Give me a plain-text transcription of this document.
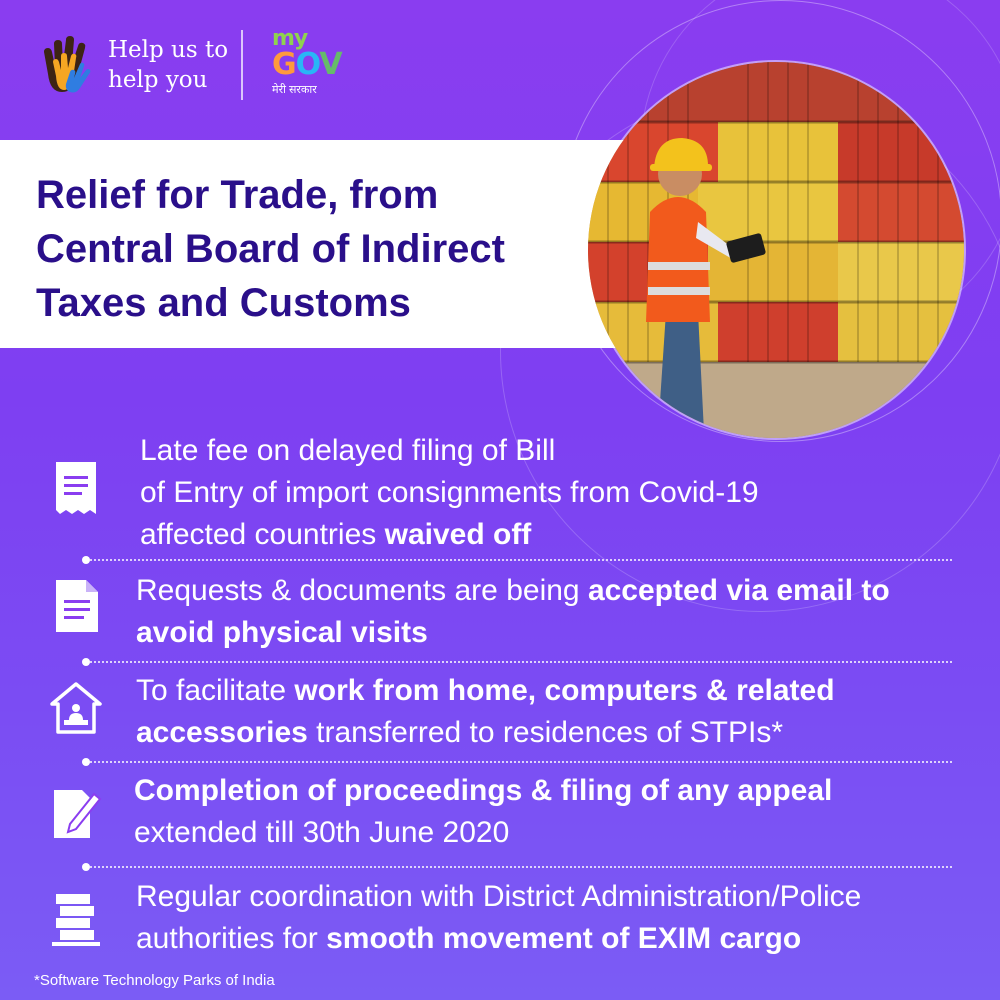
Help us to
help you
my
GOV
मेरी सरकार
Relief for Trade, from
Central Board of Indirect
Taxes and Customs

Late fee on delayed filing of Bill
of Entry of import consignments from Covid-19
affected countries waived off

Requests & documents are being accepted via email to
avoid physical visits

To facilitate work from home, computers & related
accessories transferred to residences of STPIs*

Completion of proceedings & filing of any appeal
extended till 30th June 2020

Regular coordination with District Administration/Police
authorities for smooth movement of EXIM cargo

*Software Technology Parks of India
